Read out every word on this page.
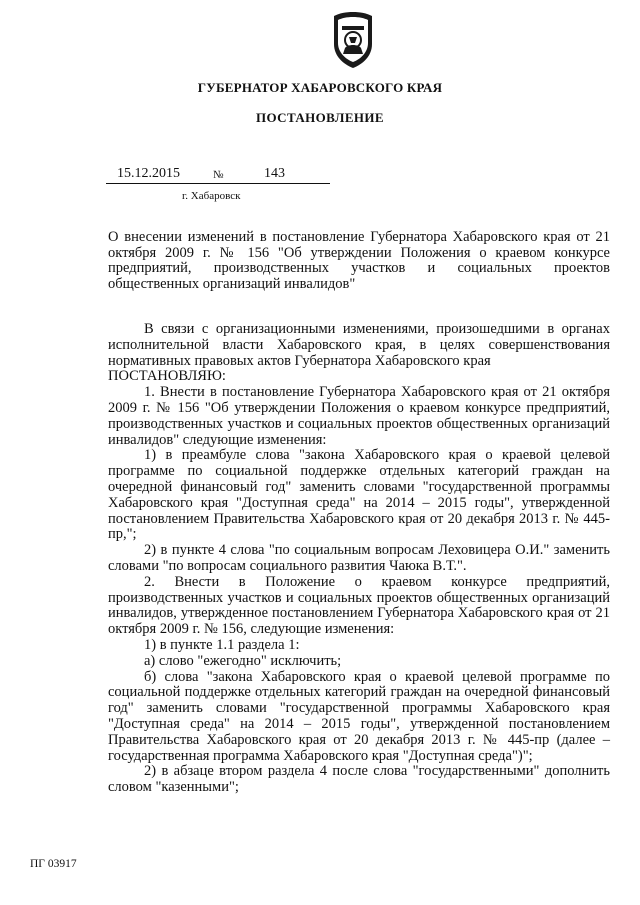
ГУБЕРНАТОР ХАБАРОВСКОГО КРАЯ
ПОСТАНОВЛЕНИЕ
15.12.2015	№	143
г. Хабаровск
О внесении изменений в постановление Губернатора Хабаровского края от 21 октября 2009 г. № 156 "Об утверждении Положения о краевом конкурсе предприятий, производственных участков и социальных проектов общественных организаций инвалидов"

В связи с организационными изменениями, произошедшими в органах исполнительной власти Хабаровского края, в целях совершенствования нормативных правовых актов Губернатора Хабаровского края

ПОСТАНОВЛЯЮ:

1. Внести в постановление Губернатора Хабаровского края от 21 октября 2009 г. № 156 "Об утверждении Положения о краевом конкурсе предприятий, производственных участков и социальных проектов общественных организаций инвалидов" следующие изменения:

1) в преамбуле слова "закона Хабаровского края о краевой целевой программе по социальной поддержке отдельных категорий граждан на очередной финансовый год" заменить словами "государственной программы Хабаровского края "Доступная среда" на 2014 – 2015 годы", утвержденной постановлением Правительства Хабаровского края от 20 декабря 2013 г. № 445-пр,";

2) в пункте 4 слова "по социальным вопросам Леховицера О.И." заменить словами "по вопросам социального развития Чаюка В.Т.".

2. Внести в Положение о краевом конкурсе предприятий, производственных участков и социальных проектов общественных организаций инвалидов, утвержденное постановлением Губернатора Хабаровского края от 21 октября 2009 г. № 156, следующие изменения:

1) в пункте 1.1 раздела 1:

а) слово "ежегодно" исключить;

б) слова "закона Хабаровского края о краевой целевой программе по социальной поддержке отдельных категорий граждан на очередной финансовый год" заменить словами "государственной программы Хабаровского края "Доступная среда" на 2014 – 2015 годы", утвержденной постановлением Правительства Хабаровского края от 20 декабря 2013 г. № 445-пр (далее – государственная программа Хабаровского края "Доступная среда")";

2) в абзаце втором раздела 4 после слова "государственными" дополнить словом "казенными";

ПГ 03917
